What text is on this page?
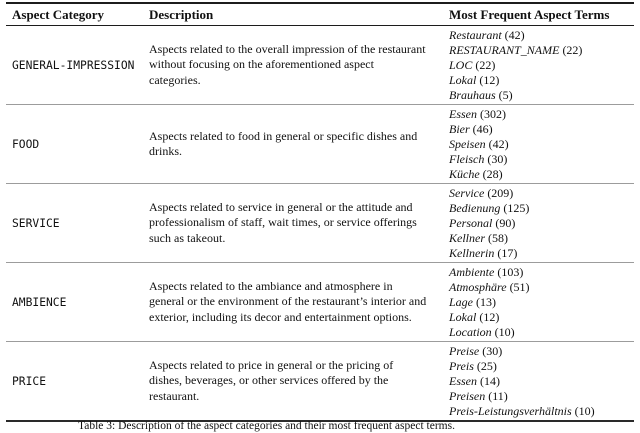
Aspect Category	Description	Most Frequent Aspect Terms
GENERAL-IMPRESSION

Aspects related to the overall impression of the restaurant without focusing on the aforementioned aspect categories.

Restaurant (42)
RESTAURANT_NAME (22)
LOC (22)
Lokal (12)
Brauhaus (5)
FOOD

Aspects related to food in general or specific dishes and drinks.

Essen (302)
Bier (46)
Speisen (42)
Fleisch (30)
Küche (28)
SERVICE

Aspects related to service in general or the attitude and professionalism of staff, wait times, or service offerings such as takeout.

Service (209)
Bedienung (125)
Personal (90)
Kellner (58)
Kellnerin (17)
AMBIENCE

Aspects related to the ambiance and atmosphere in general or the environment of the restaurant’s interior and exterior, including its decor and entertainment options.

Ambiente (103)
Atmosphäre (51)
Lage (13)
Lokal (12)
Location (10)
PRICE

Aspects related to price in general or the pricing of dishes, beverages, or other services offered by the restaurant.

Preise (30)
Preis (25)
Essen (14)
Preisen (11)
Preis-Leistungsverhältnis (10)
Table 3: Description of the aspect categories and their most frequent aspect terms.
